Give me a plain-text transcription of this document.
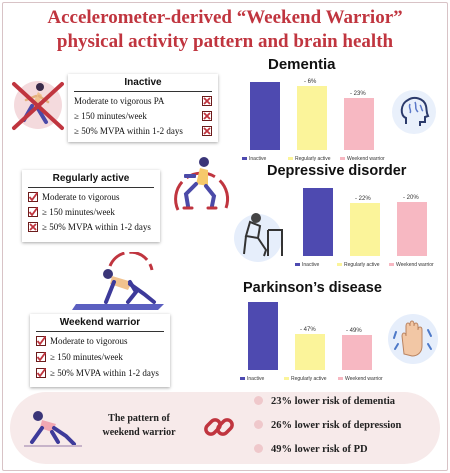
Accelerometer-derived “Weekend Warrior”
physical activity pattern and brain health
Inactive
Moderate to vigorous PA
≥ 150 minutes/week
≥ 50% MVPA within 1-2 days
Regularly active
Moderate to vigorous
≥ 150 minutes/week
≥ 50% MVPA within 1-2 days
Weekend warrior
Moderate to vigorous
≥ 150 minutes/week
≥ 50% MVPA within 1-2 days
Dementia
- 6%
- 23%
Inactive	Regularly active	Weekend warrior
Depressive disorder
- 22%	- 20%
Inactive	Regularly active	Weekend warrior
Parkinson’s disease
- 47%	- 49%
Inactive	Regularly active	Weekend warrior
The pattern of
weekend warrior
23% lower risk of dementia
26% lower risk of depression
49% lower risk of PD
